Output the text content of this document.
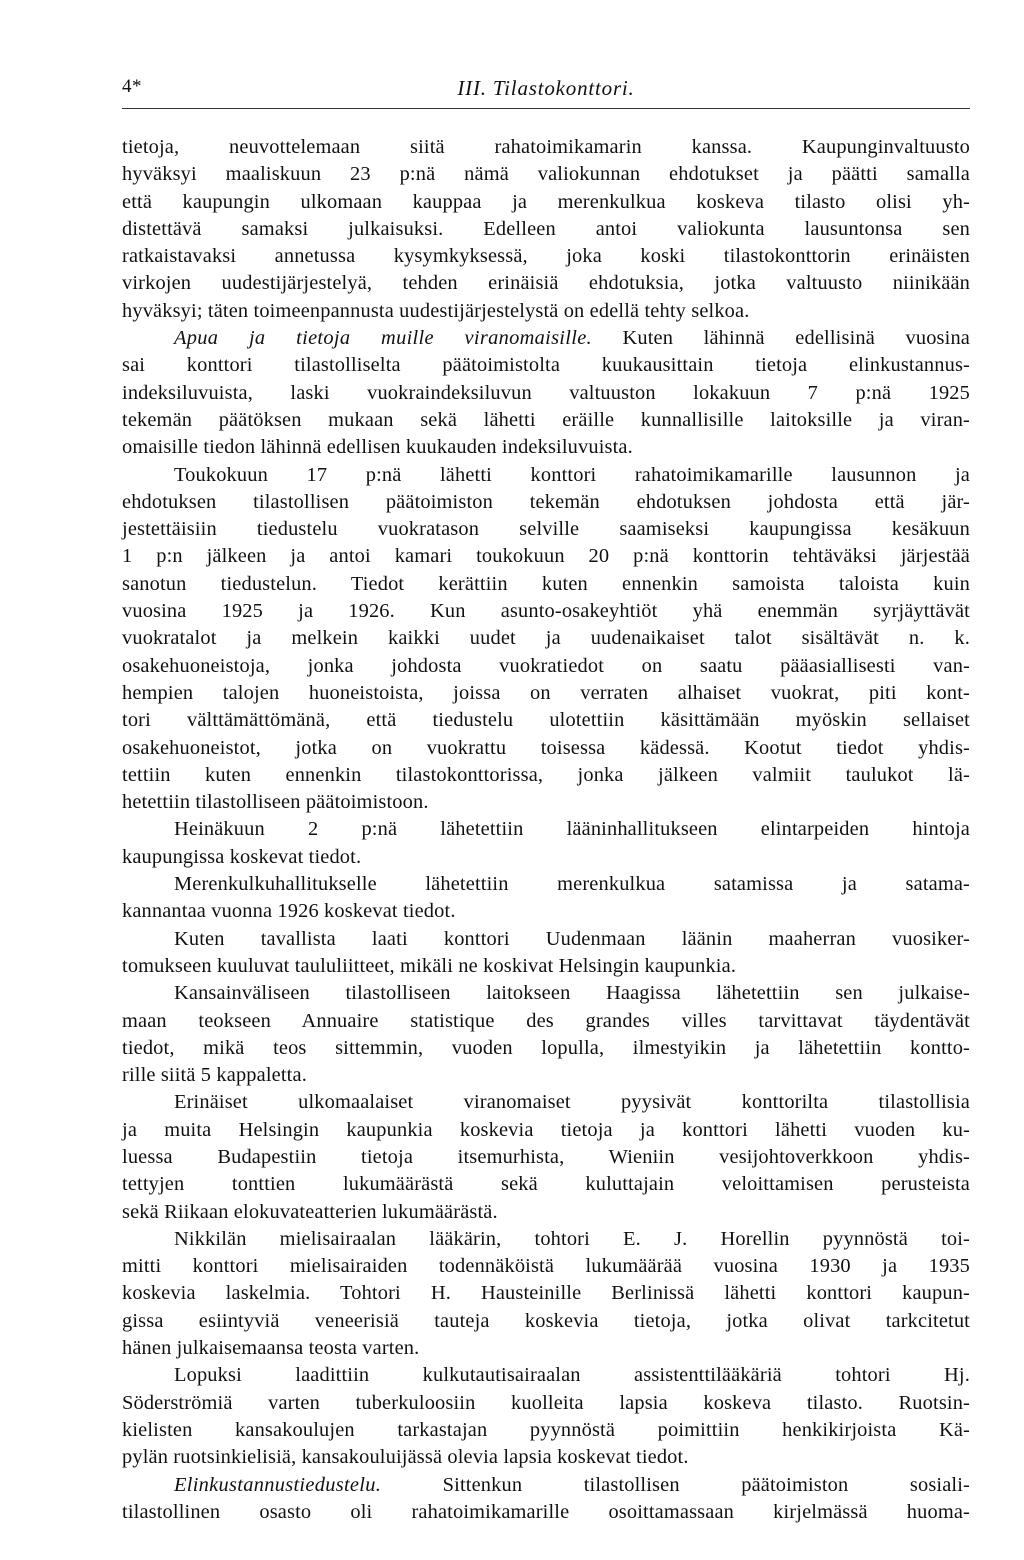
4*	III. Tilastokonttori.

tietoja, neuvottelemaan siitä rahatoimikamarin kanssa. Kaupunginvaltuusto
hyväksyi maaliskuun 23 p:nä nämä valiokunnan ehdotukset ja päätti samalla
että kaupungin ulkomaan kauppaa ja merenkulkua koskeva tilasto olisi yh-
distettävä samaksi julkaisuksi. Edelleen antoi valiokunta lausuntonsa sen
ratkaistavaksi annetussa kysymkyksessä, joka koski tilastokonttorin erinäisten
virkojen uudestijärjestelyä, tehden erinäisiä ehdotuksia, jotka valtuusto niinikään
hyväksyi; täten toimeenpannusta uudestijärjestelystä on edellä tehty selkoa.

Apua ja tietoja muille viranomaisille. Kuten lähinnä edellisinä vuosina
sai konttori tilastolliselta päätoimistolta kuukausittain tietoja elinkustannus-
indeksiluvuista, laski vuokraindeksiluvun valtuuston lokakuun 7 p:nä 1925
tekemän päätöksen mukaan sekä lähetti eräille kunnallisille laitoksille ja viran-
omaisille tiedon lähinnä edellisen kuukauden indeksiluvuista.

Toukokuun 17 p:nä lähetti konttori rahatoimikamarille lausunnon ja
ehdotuksen tilastollisen päätoimiston tekemän ehdotuksen johdosta että jär-
jestettäisiin tiedustelu vuokratason selville saamiseksi kaupungissa kesäkuun
1 p:n jälkeen ja antoi kamari toukokuun 20 p:nä konttorin tehtäväksi järjestää
sanotun tiedustelun. Tiedot kerättiin kuten ennenkin samoista taloista kuin
vuosina 1925 ja 1926. Kun asunto-osakeyhtiöt yhä enemmän syrjäyttävät
vuokratalot ja melkein kaikki uudet ja uudenaikaiset talot sisältävät n. k.
osakehuoneistoja, jonka johdosta vuokratiedot on saatu pääasiallisesti van-
hempien talojen huoneistoista, joissa on verraten alhaiset vuokrat, piti kont-
tori välttämättömänä, että tiedustelu ulotettiin käsittämään myöskin sellaiset
osakehuoneistot, jotka on vuokrattu toisessa kädessä. Kootut tiedot yhdis-
tettiin kuten ennenkin tilastokonttorissa, jonka jälkeen valmiit taulukot lä-
hetettiin tilastolliseen päätoimistoon.

Heinäkuun 2 p:nä lähetettiin lääninhallitukseen elintarpeiden hintoja
kaupungissa koskevat tiedot.

Merenkulkuhallitukselle lähetettiin merenkulkua satamissa ja satama-
kannantaa vuonna 1926 koskevat tiedot.

Kuten tavallista laati konttori Uudenmaan läänin maaherran vuosiker-
tomukseen kuuluvat taululiitteet, mikäli ne koskivat Helsingin kaupunkia.

Kansainväliseen tilastolliseen laitokseen Haagissa lähetettiin sen julkaise-
maan teokseen Annuaire statistique des grandes villes tarvittavat täydentävät
tiedot, mikä teos sittemmin, vuoden lopulla, ilmestyikin ja lähetettiin kontto-
rille siitä 5 kappaletta.

Erinäiset ulkomaalaiset viranomaiset pyysivät konttorilta tilastollisia
ja muita Helsingin kaupunkia koskevia tietoja ja konttori lähetti vuoden ku-
luessa Budapestiin tietoja itsemurhista, Wieniin vesijohtoverkkoon yhdis-
tettyjen tonttien lukumäärästä sekä kuluttajain veloittamisen perusteista
sekä Riikaan elokuvateatterien lukumäärästä.

Nikkilän mielisairaalan lääkärin, tohtori E. J. Horellin pyynnöstä toi-
mitti konttori mielisairaiden todennäköistä lukumäärää vuosina 1930 ja 1935
koskevia laskelmia. Tohtori H. Hausteinille Berlinissä lähetti konttori kaupun-
gissa esiintyviä veneerisiä tauteja koskevia tietoja, jotka olivat tarkcitetut
hänen julkaisemaansa teosta varten.

Lopuksi laadittiin kulkutautisairaalan assistenttilääkäriä tohtori Hj.
Söderströmiä varten tuberkuloosiin kuolleita lapsia koskeva tilasto. Ruotsin-
kielisten kansakoulujen tarkastajan pyynnöstä poimittiin henkikirjoista Kä-
pylän ruotsinkielisiä, kansakouluijässä olevia lapsia koskevat tiedot.

Elinkustannustiedustelu. Sittenkun tilastollisen päätoimiston sosiali-
tilastollinen osasto oli rahatoimikamarille osoittamassaan kirjelmässä huoma-
